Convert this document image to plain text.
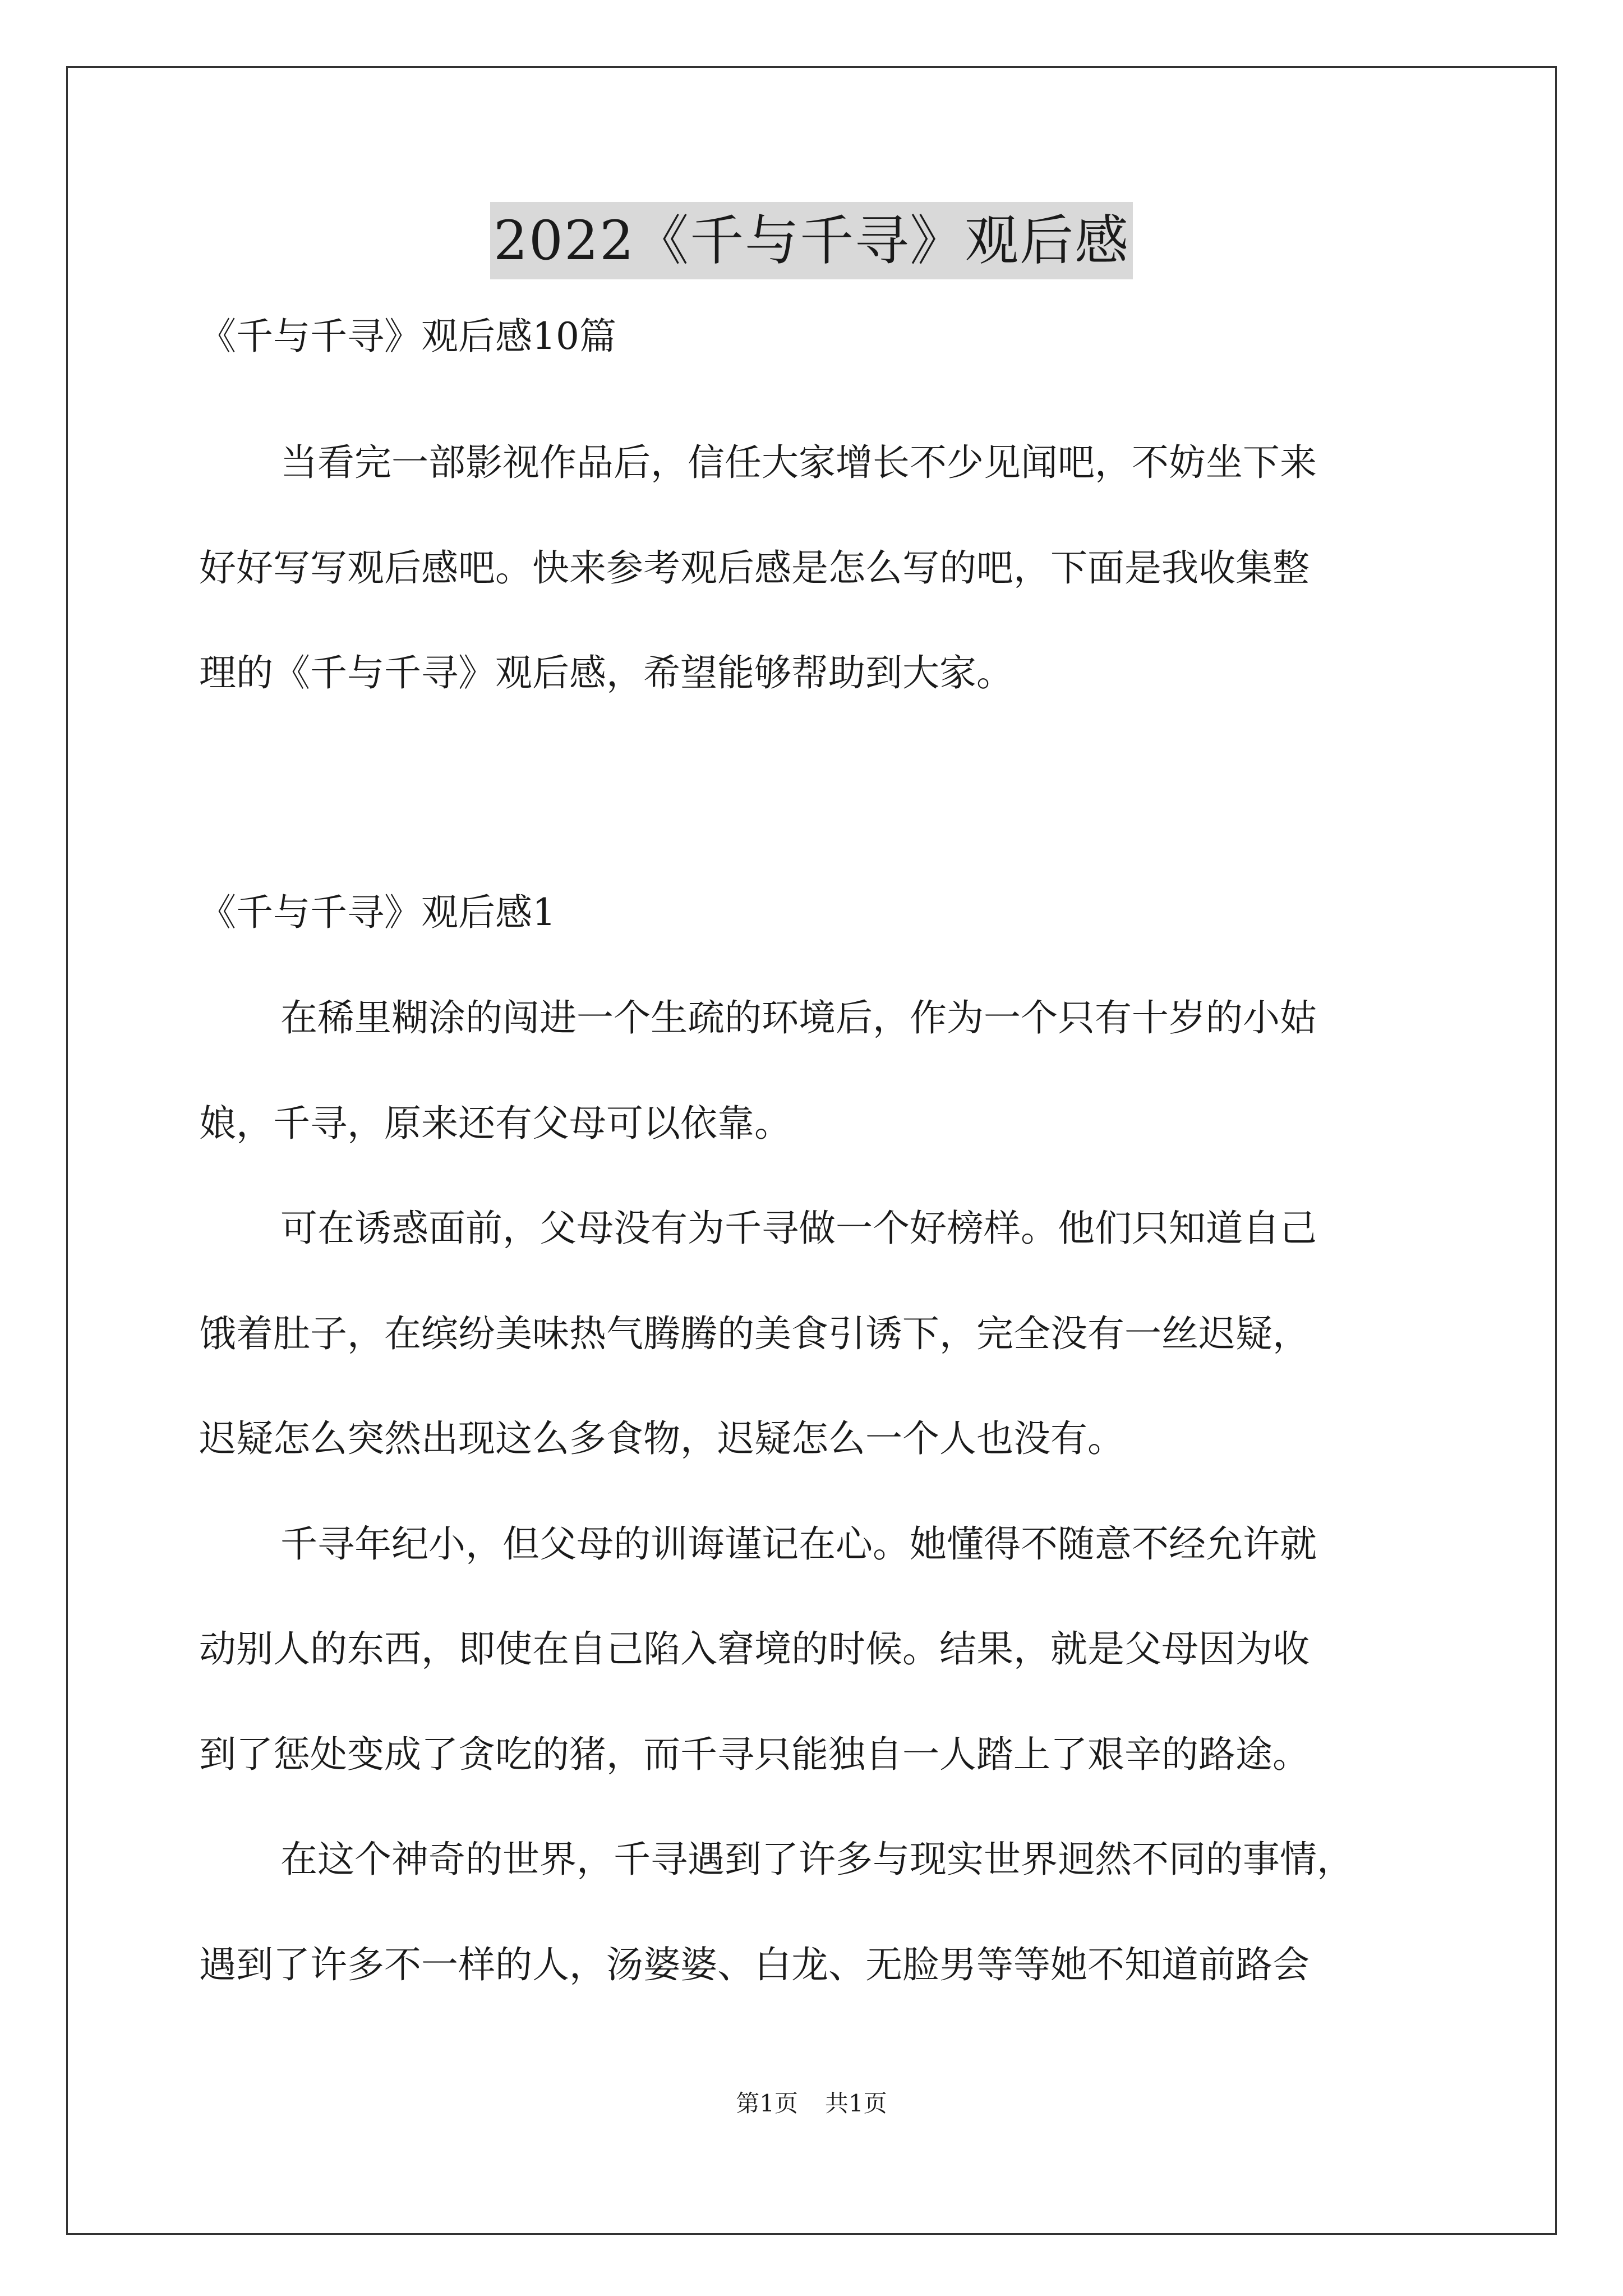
2022《千与千寻》观后感
《千与千寻》观后感10篇
当看完一部影视作品后，信任大家增长不少见闻吧，不妨坐下来
好好写写观后感吧。快来参考观后感是怎么写的吧，下面是我收集整
理的《千与千寻》观后感，希望能够帮助到大家。
《千与千寻》观后感1
在稀里糊涂的闯进一个生疏的环境后，作为一个只有十岁的小姑
娘，千寻，原来还有父母可以依靠。
可在诱惑面前，父母没有为千寻做一个好榜样。他们只知道自己
饿着肚子，在缤纷美味热气腾腾的美食引诱下，完全没有一丝迟疑，
迟疑怎么突然出现这么多食物，迟疑怎么一个人也没有。
千寻年纪小，但父母的训诲谨记在心。她懂得不随意不经允许就
动别人的东西，即使在自己陷入窘境的时候。结果，就是父母因为收
到了惩处变成了贪吃的猪，而千寻只能独自一人踏上了艰辛的路途。
在这个神奇的世界，千寻遇到了许多与现实世界迥然不同的事情，
遇到了许多不一样的人，汤婆婆、白龙、无脸男等等她不知道前路会
第1页 共1页
